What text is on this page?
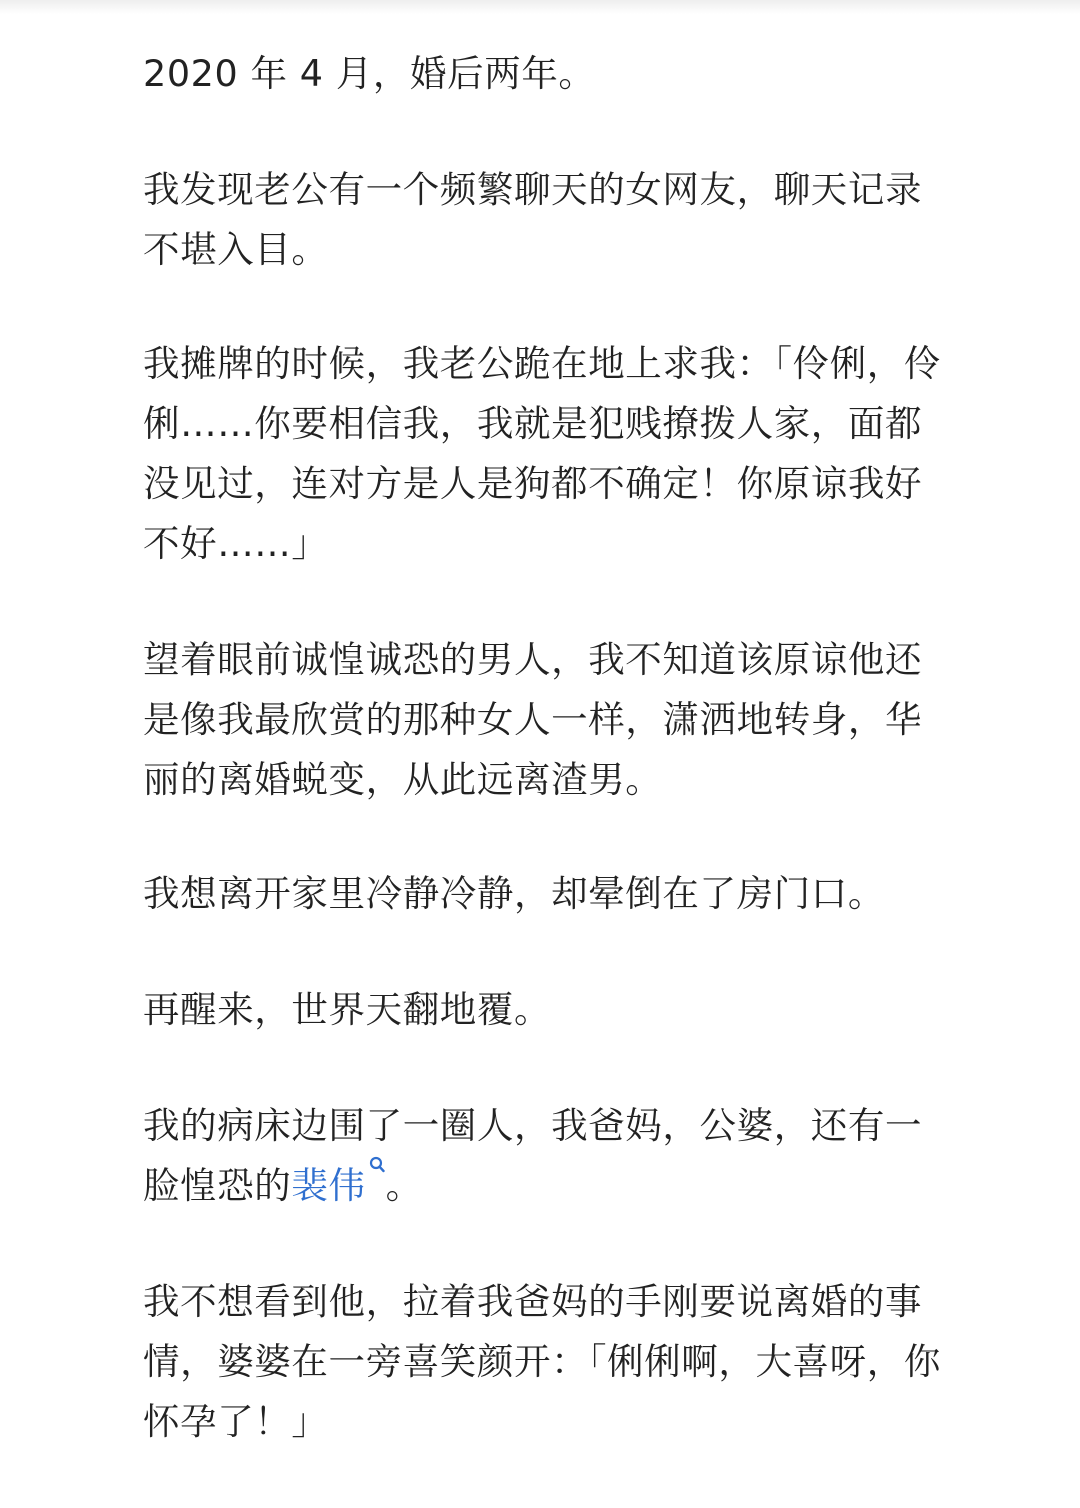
2020 年 4 月，婚后两年。

我发现老公有一个频繁聊天的女网友，聊天记录不堪入目。

我摊牌的时候，我老公跪在地上求我：「伶俐，伶俐……你要相信我，我就是犯贱撩拨人家，面都没见过，连对方是人是狗都不确定！你原谅我好不好……」

望着眼前诚惶诚恐的男人，我不知道该原谅他还是像我最欣赏的那种女人一样，潇洒地转身，华丽的离婚蜕变，从此远离渣男。

我想离开家里冷静冷静，却晕倒在了房门口。

再醒来，世界天翻地覆。

我的病床边围了一圈人，我爸妈，公婆，还有一脸惶恐的裴伟 。

我不想看到他，拉着我爸妈的手刚要说离婚的事情，婆婆在一旁喜笑颜开：「俐俐啊，大喜呀，你怀孕了！」
